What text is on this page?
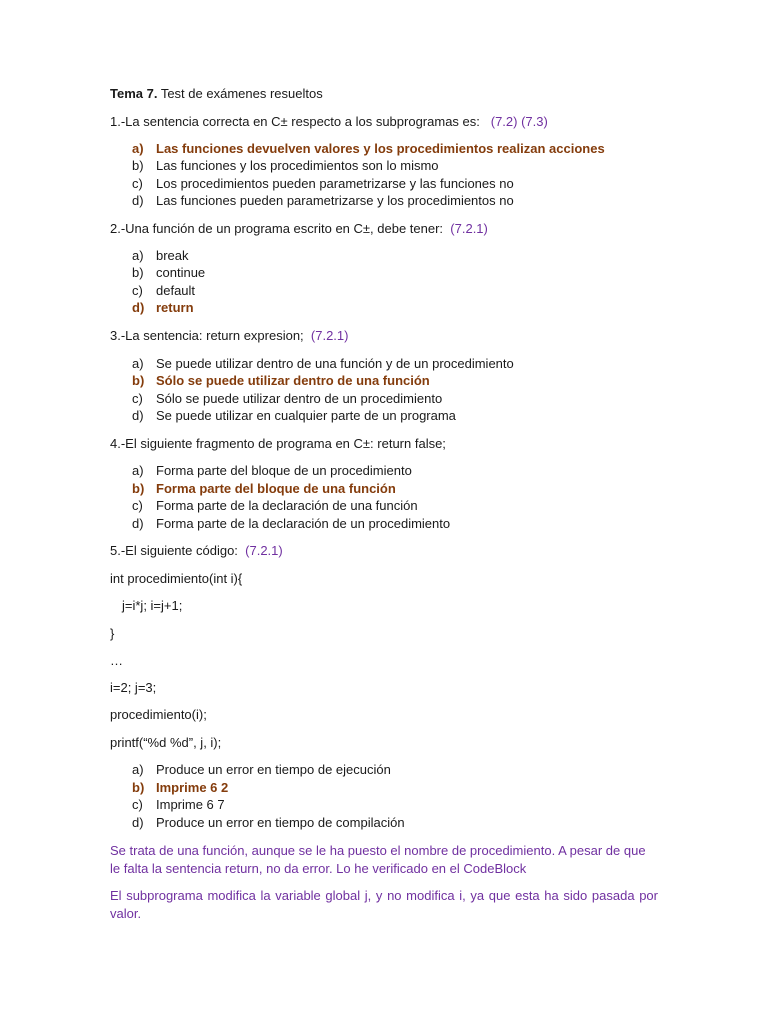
Tema 7. Test de exámenes resueltos
1.-La sentencia correcta en C± respecto a los subprogramas es: (7.2) (7.3)
a) Las funciones devuelven valores y los procedimientos realizan acciones
b) Las funciones y los procedimientos son lo mismo
c) Los procedimientos pueden parametrizarse y las funciones no
d) Las funciones pueden parametrizarse y los procedimientos no
2.-Una función de un programa escrito en C±, debe tener: (7.2.1)
a) break
b) continue
c) default
d) return
3.-La sentencia: return expresion; (7.2.1)
a) Se puede utilizar dentro de una función y de un procedimiento
b) Sólo se puede utilizar dentro de una función
c) Sólo se puede utilizar dentro de un procedimiento
d) Se puede utilizar en cualquier parte de un programa
4.-El siguiente fragmento de programa en C±: return false;
a) Forma parte del bloque de un procedimiento
b) Forma parte del bloque de una función
c) Forma parte de la declaración de una función
d) Forma parte de la declaración de un procedimiento
5.-El siguiente código: (7.2.1)
int procedimiento(int i){
j=i*j; i=j+1;
}
…
i=2; j=3;
procedimiento(i);
printf(“%d %d”, j, i);
a) Produce un error en tiempo de ejecución
b) Imprime 6 2
c) Imprime 6 7
d) Produce un error en tiempo de compilación
Se trata de una función, aunque se le ha puesto el nombre de procedimiento. A pesar de que le falta la sentencia return, no da error. Lo he verificado en el CodeBlock
El subprograma modifica la variable global j, y no modifica i, ya que esta ha sido pasada por valor.
